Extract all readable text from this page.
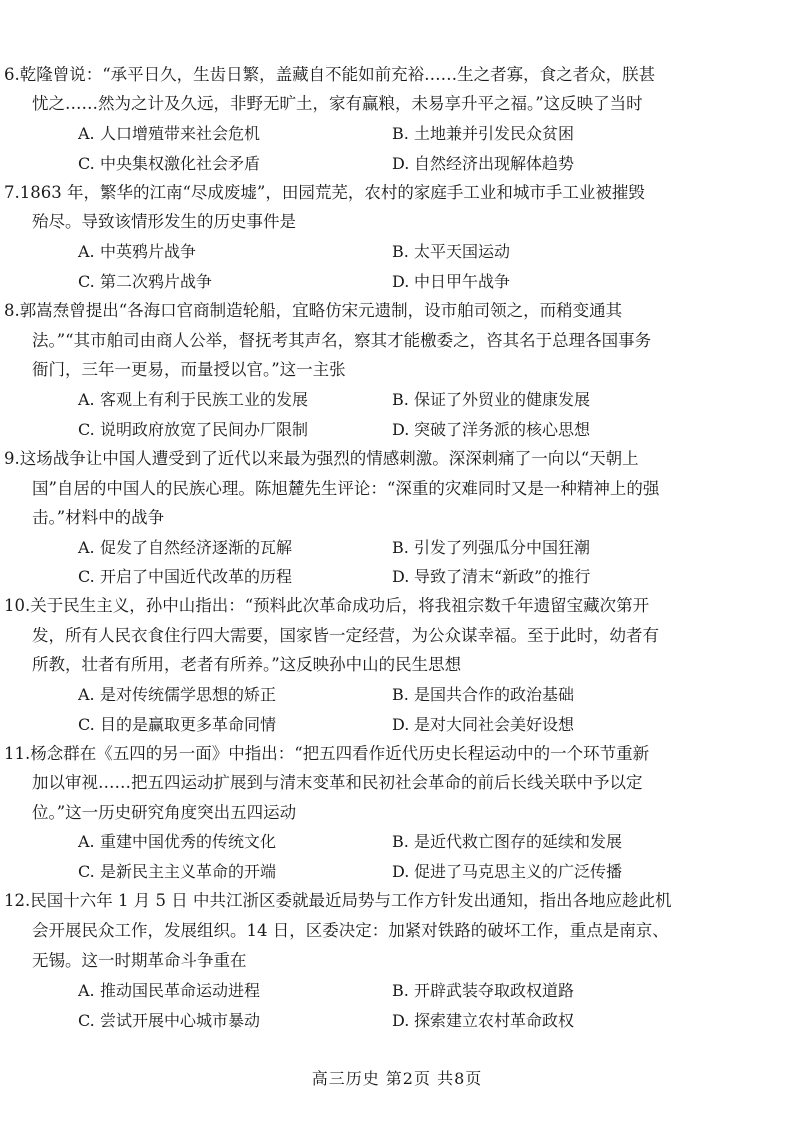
6.乾隆曾说：“承平日久，生齿日繁，盖藏自不能如前充裕……生之者寡，食之者众，朕甚
忧之……然为之计及久远，非野无旷土，家有赢粮，未易享升平之福。”这反映了当时
A. 人口增殖带来社会危机	B. 土地兼并引发民众贫困
C. 中央集权激化社会矛盾	D. 自然经济出现解体趋势
7.1863 年，繁华的江南“尽成废墟”，田园荒芜，农村的家庭手工业和城市手工业被摧毁
殆尽。导致该情形发生的历史事件是
A. 中英鸦片战争	B. 太平天国运动
C. 第二次鸦片战争	D. 中日甲午战争
8.郭嵩焘曾提出“各海口官商制造轮船，宜略仿宋元遗制，设市舶司领之，而稍变通其
法。”“其市舶司由商人公举，督抚考其声名，察其才能檄委之，咨其名于总理各国事务
衙门，三年一更易，而量授以官。”这一主张
A. 客观上有利于民族工业的发展	B. 保证了外贸业的健康发展
C. 说明政府放宽了民间办厂限制	D. 突破了洋务派的核心思想
9.这场战争让中国人遭受到了近代以来最为强烈的情感刺激。深深刺痛了一向以“天朝上
国”自居的中国人的民族心理。陈旭麓先生评论：“深重的灾难同时又是一种精神上的强
击。”材料中的战争
A. 促发了自然经济逐渐的瓦解	B. 引发了列强瓜分中国狂潮
C. 开启了中国近代改革的历程	D. 导致了清末“新政”的推行
10.关于民生主义，孙中山指出：“预料此次革命成功后，将我祖宗数千年遗留宝藏次第开
发，所有人民衣食住行四大需要，国家皆一定经营，为公众谋幸福。至于此时，幼者有
所教，壮者有所用，老者有所养。”这反映孙中山的民生思想
A. 是对传统儒学思想的矫正	B. 是国共合作的政治基础
C. 目的是赢取更多革命同情	D. 是对大同社会美好设想
11.杨念群在《五四的另一面》中指出：“把五四看作近代历史长程运动中的一个环节重新
加以审视……把五四运动扩展到与清末变革和民初社会革命的前后长线关联中予以定
位。”这一历史研究角度突出五四运动
A. 重建中国优秀的传统文化	B. 是近代救亡图存的延续和发展
C. 是新民主主义革命的开端	D. 促进了马克思主义的广泛传播
12.民国十六年 1 月 5 日 中共江浙区委就最近局势与工作方针发出通知，指出各地应趁此机
会开展民众工作，发展组织。14 日，区委决定：加紧对铁路的破坏工作，重点是南京、
无锡。这一时期革命斗争重在
A. 推动国民革命运动进程	B. 开辟武装夺取政权道路
C. 尝试开展中心城市暴动	D. 探索建立农村革命政权
高三历史 第2页 共8页
